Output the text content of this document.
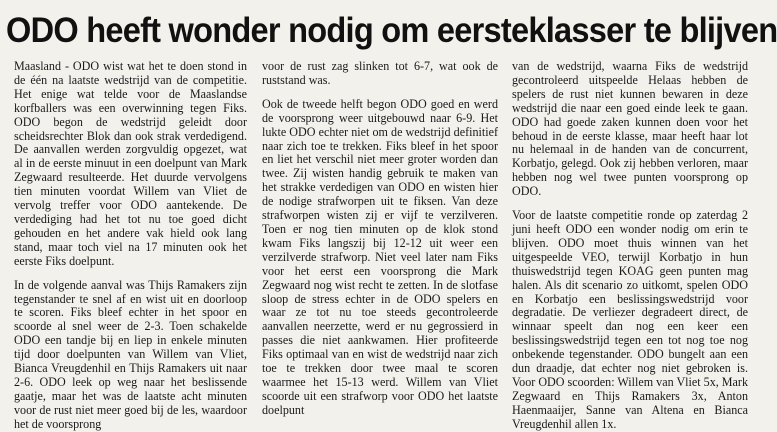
ODO heeft wonder nodig om eersteklasser te blijven

Maasland - ODO wist wat het te doen stond in de één na laatste wedstrijd van de competitie. Het enige wat telde voor de Maaslandse korfballers was een overwinning tegen Fiks. ODO begon de wedstrijd geleidt door scheidsrechter Blok dan ook strak verdedigend. De aanvallen werden zorgvuldig opgezet, wat al in de eerste minuut in een doelpunt van Mark Zegwaard resulteerde. Het duurde vervolgens tien minuten voordat Willem van Vliet de vervolg treffer voor ODO aantekende. De verdediging had het tot nu toe goed dicht gehouden en het andere vak hield ook lang stand, maar toch viel na 17 minuten ook het eerste Fiks doelpunt.

In de volgende aanval was Thijs Ramakers zijn tegenstander te snel af en wist uit en doorloop te scoren. Fiks bleef echter in het spoor en scoorde al snel weer de 2-3. Toen schakelde ODO een tandje bij en liep in enkele minuten tijd door doelpunten van Willem van Vliet, Bianca Vreugdenhil en Thijs Ramakers uit naar 2-6. ODO leek op weg naar het beslissende gaatje, maar het was de laatste acht minuten voor de rust niet meer goed bij de les, waardoor het de voorsprong

voor de rust zag slinken tot 6-7, wat ook de ruststand was.

Ook de tweede helft begon ODO goed en werd de voorsprong weer uitgebouwd naar 6-9. Het lukte ODO echter niet om de wedstrijd definitief naar zich toe te trekken. Fiks bleef in het spoor en liet het verschil niet meer groter worden dan twee. Zij wisten handig gebruik te maken van het strakke verdedigen van ODO en wisten hier de nodige strafworpen uit te fiksen. Van deze strafworpen wisten zij er vijf te verzilveren. Toen er nog tien minuten op de klok stond kwam Fiks langszij bij 12-12 uit weer een verzilverde strafworp. Niet veel later nam Fiks voor het eerst een voorsprong die Mark Zegwaard nog wist recht te zetten. In de slotfase sloop de stress echter in de ODO spelers en waar ze tot nu toe steeds gecontroleerde aanvallen neerzette, werd er nu gegrossierd in passes die niet aankwamen. Hier profiteerde Fiks optimaal van en wist de wedstrijd naar zich toe te trekken door twee maal te scoren waarmee het 15-13 werd. Willem van Vliet scoorde uit een strafworp voor ODO het laatste doelpunt

van de wedstrijd, waarna Fiks de wedstrijd gecontroleerd uitspeelde Helaas hebben de spelers de rust niet kunnen bewaren in deze wedstrijd die naar een goed einde leek te gaan. ODO had goede zaken kunnen doen voor het behoud in de eerste klasse, maar heeft haar lot nu helemaal in de handen van de concurrent, Korbatjo, gelegd. Ook zij hebben verloren, maar hebben nog wel twee punten voorsprong op ODO.

Voor de laatste competitie ronde op zaterdag 2 juni heeft ODO een wonder nodig om erin te blijven. ODO moet thuis winnen van het uitgespeelde VEO, terwijl Korbatjo in hun thuiswedstrijd tegen KOAG geen punten mag halen. Als dit scenario zo uitkomt, spelen ODO en Korbatjo een beslissingswedstrijd voor degradatie. De verliezer degradeert direct, de winnaar speelt dan nog een keer een beslissingswedstrijd tegen een tot nog toe nog onbekende tegenstander. ODO bungelt aan een dun draadje, dat echter nog niet gebroken is. Voor ODO scoorden: Willem van Vliet 5x, Mark Zegwaard en Thijs Ramakers 3x, Anton Haenmaaijer, Sanne van Altena en Bianca Vreugdenhil allen 1x.
